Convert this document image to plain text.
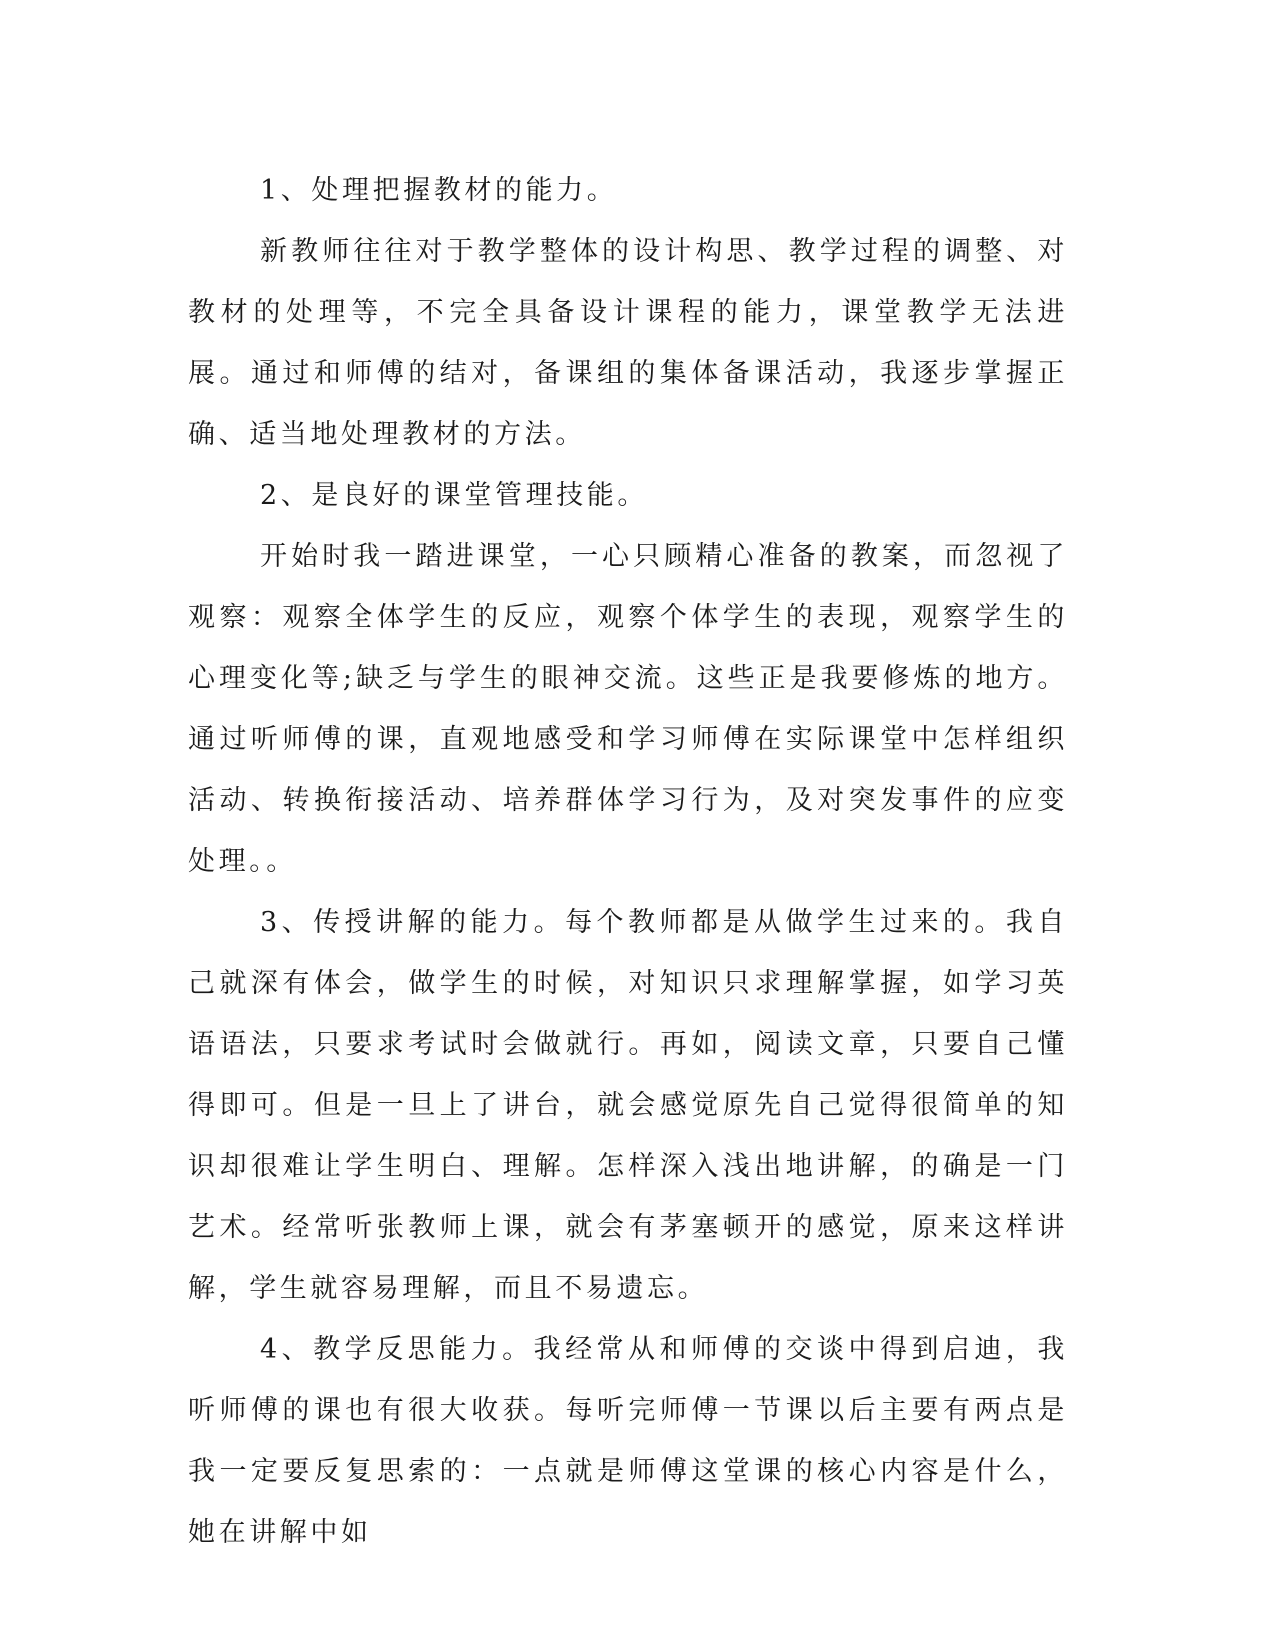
1、处理把握教材的能力。

新教师往往对于教学整体的设计构思、教学过程的调整、对教材的处理等，不完全具备设计课程的能力，课堂教学无法进展。通过和师傅的结对，备课组的集体备课活动，我逐步掌握正确、适当地处理教材的方法。

2、是良好的课堂管理技能。

开始时我一踏进课堂，一心只顾精心准备的教案，而忽视了观察：观察全体学生的反应，观察个体学生的表现，观察学生的心理变化等;缺乏与学生的眼神交流。这些正是我要修炼的地方。通过听师傅的课，直观地感受和学习师傅在实际课堂中怎样组织活动、转换衔接活动、培养群体学习行为，及对突发事件的应变处理。。

3、传授讲解的能力。每个教师都是从做学生过来的。我自己就深有体会，做学生的时候，对知识只求理解掌握，如学习英语语法，只要求考试时会做就行。再如，阅读文章，只要自己懂得即可。但是一旦上了讲台，就会感觉原先自己觉得很简单的知识却很难让学生明白、理解。怎样深入浅出地讲解，的确是一门艺术。经常听张教师上课，就会有茅塞顿开的感觉，原来这样讲解，学生就容易理解，而且不易遗忘。

4、教学反思能力。我经常从和师傅的交谈中得到启迪，我听师傅的课也有很大收获。每听完师傅一节课以后主要有两点是我一定要反复思索的：一点就是师傅这堂课的核心内容是什么，她在讲解中如
